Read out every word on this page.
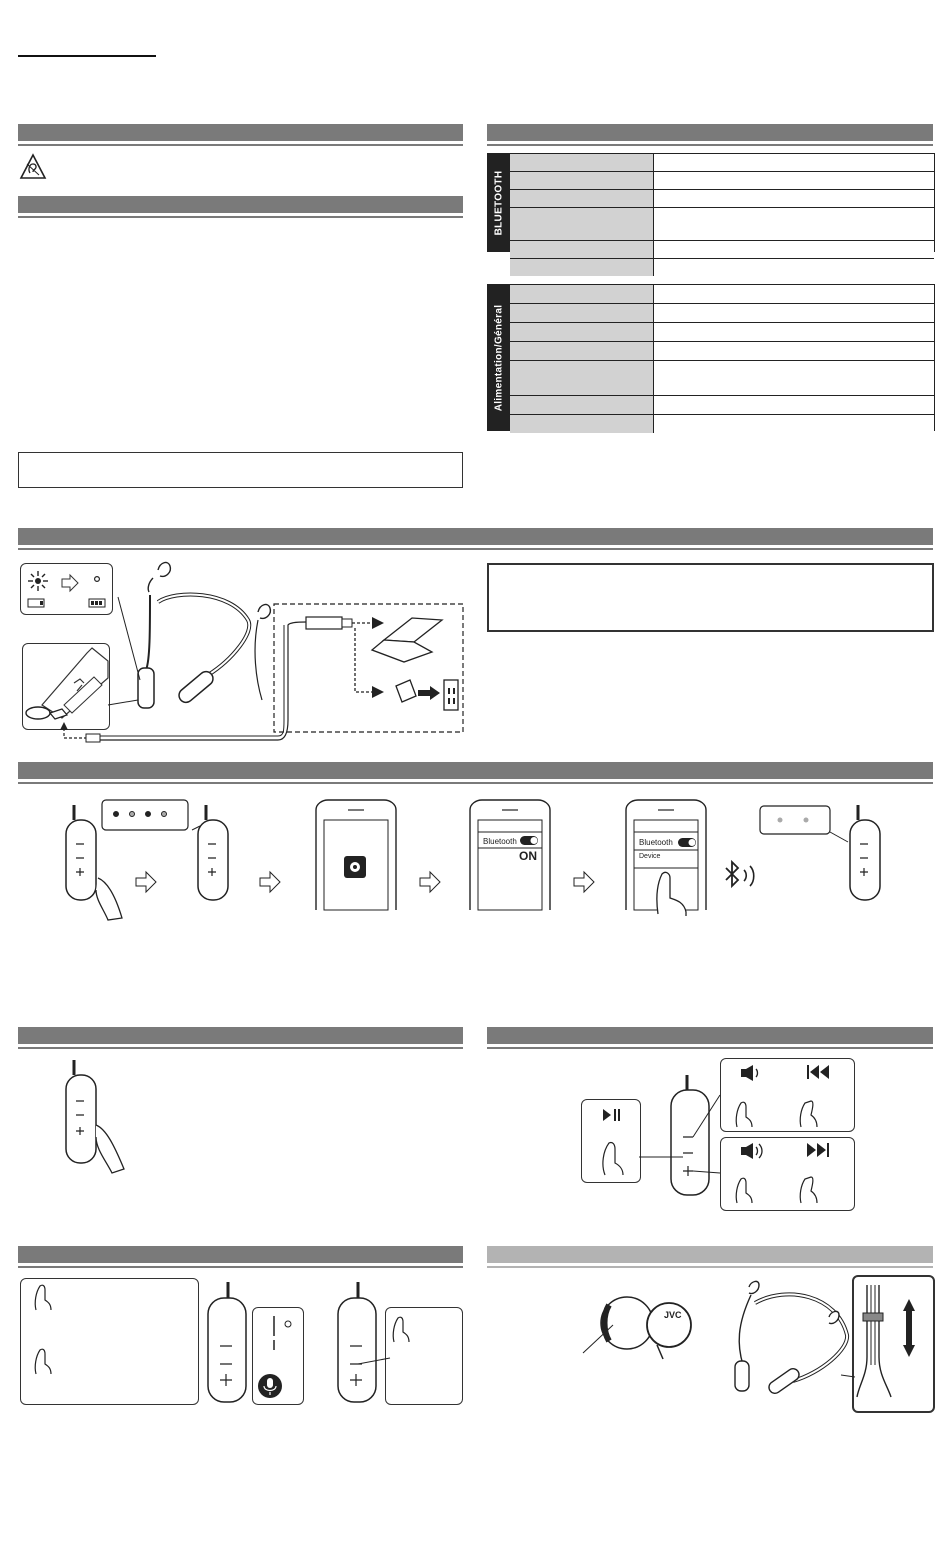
BLUETOOTH
Alimentation/Général
Bluetooth
ON
Bluetooth
Device
JVC
